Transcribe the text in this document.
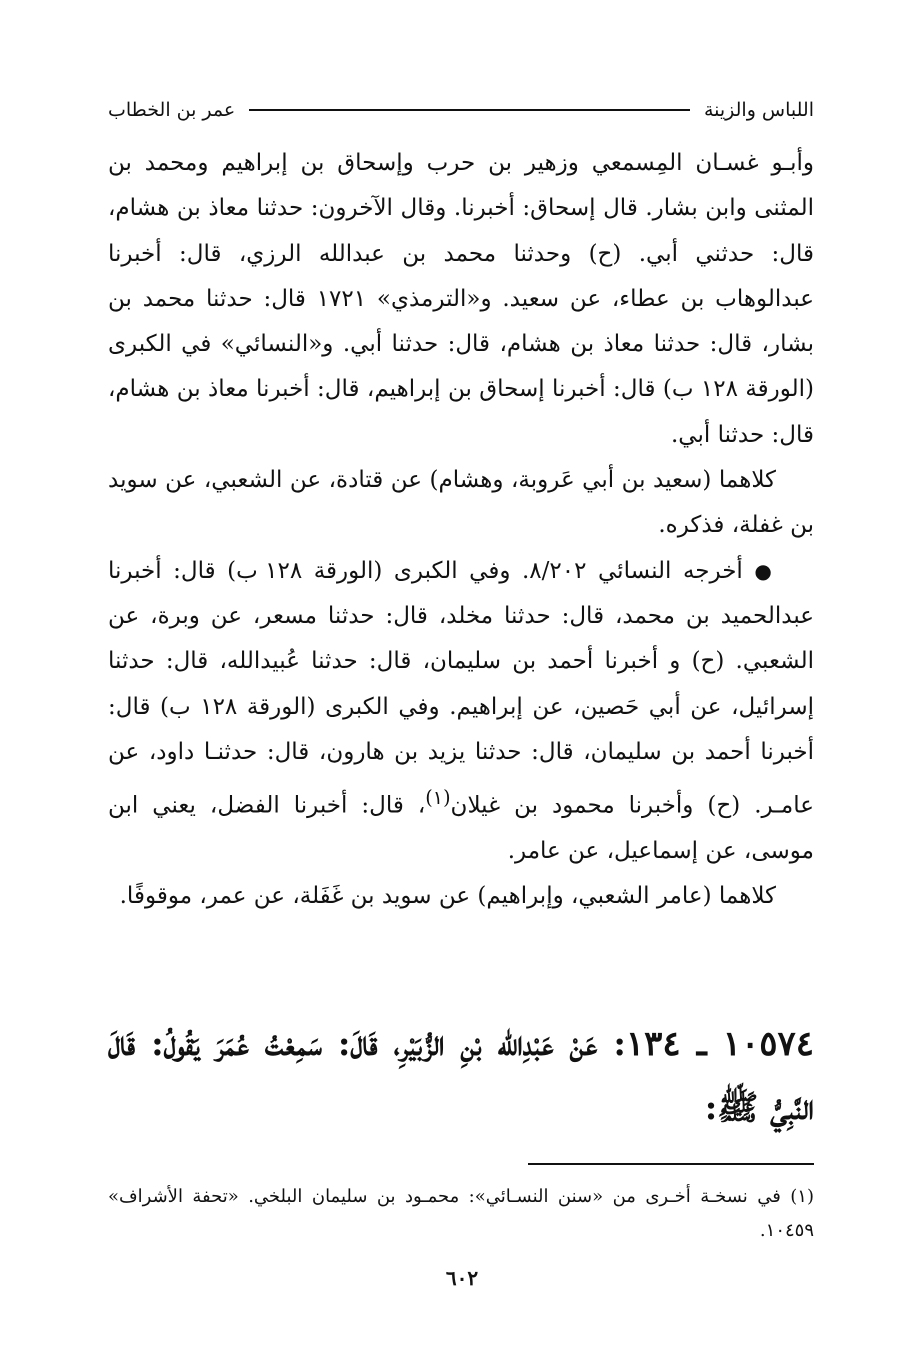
اللباس والزينة
عمر بن الخطاب

وأبـو غسـان المِسمعي وزهير بن حرب وإسحاق بن إبراهيم ومحمد بن المثنى وابن بشار. قال إسحاق: أخبرنا. وقال الآخرون: حدثنا معاذ بن هشام، قال: حدثني أبي. (ح) وحدثنا محمد بن عبدالله الرزي، قال: أخبرنا عبدالوهاب بن عطاء، عن سعيد. و«الترمذي» ١٧٢١ قال: حدثنا محمد بن بشار، قال: حدثنا معاذ بن هشام، قال: حدثنا أبي. و«النسائي» في الكبرى (الورقة ١٢٨ ب) قال: أخبرنا إسحاق بن إبراهيم، قال: أخبرنا معاذ بن هشام، قال: حدثنا أبي.

كلاهما (سعيد بن أبي عَروبة، وهشام) عن قتادة، عن الشعبي، عن سويد بن غفلة، فذكره.

● أخرجه النسائي ٨/٢٠٢. وفي الكبرى (الورقة ١٢٨ ب) قال: أخبرنا عبدالحميد بن محمد، قال: حدثنا مخلد، قال: حدثنا مسعر، عن وبرة، عن الشعبي. (ح) و أخبرنا أحمد بن سليمان، قال: حدثنا عُبيدالله، قال: حدثنا إسرائيل، عن أبي حَصين، عن إبراهيم. وفي الكبرى (الورقة ١٢٨ ب) قال: أخبرنا أحمد بن سليمان، قال: حدثنا يزيد بن هارون، قال: حدثنـا داود، عن عامـر. (ح) وأخبرنا محمود بن غيلان$^{(١)}$، قال: أخبرنا الفضل، يعني ابن موسى، عن إسماعيل، عن عامر.

كلاهما (عامر الشعبي، وإبراهيم) عن سويد بن غَفَلة، عن عمر، موقوفًا.

١٠٥٧٤ ـ ١٣٤: عَنْ عَبْدِالله بْنِ الزُّبَيْرِ، قَالَ: سَمِعْتُ عُمَرَ يَقُولُ: قَالَ النَّبِيُّ ﷺ:

(١) في نسخـة أخـرى من «سنن النسـائي»: محمـود بن سليمان البلخي. «تحفة الأشراف» ١٠٤٥٩.

٦٠٢
